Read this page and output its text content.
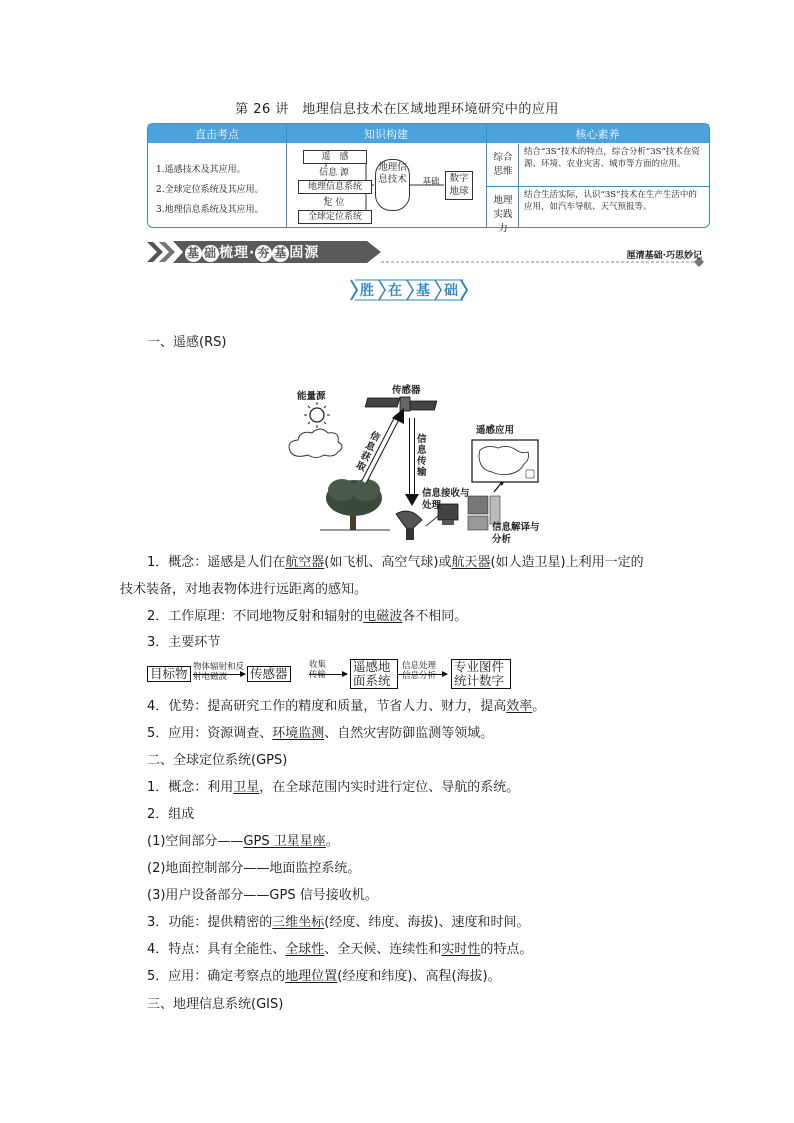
第 26 讲　地理信息技术在区域地理环境研究中的应用
直击考点	知识构建	核心素养
1.遥感技术及其应用。
2.全球定位系统及其应用。
3.地理信息系统及其应用。
遥　感
信息 源
地理信息系统
定 位
全球定位系统
地理信息技术	基础	数字地球
综合思维
结合“3S”技术的特点，综合分析“3S”技术在资源、环境、农业灾害、城市等方面的应用。
地理实践力
结合生活实际，认识“3S”技术在生产生活中的应用，如汽车导航、天气预报等。
基 础 梳理· 夯 基 固源	厘清基础·巧思妙记
胜 在 基 础
一、遥感(RS)
能量源
传感器
信息获取
信息传输
遥感应用
信息接收与处理
信息解译与分析
1．概念：遥感是人们在航空器(如飞机、高空气球)或航天器(如人造卫星)上利用一定的
技术装备，对地表物体进行远距离的感知。
2．工作原理：不同地物反射和辐射的电磁波各不相同。
3．主要环节
目标物 物体辐射和反射电磁波	传感器
收集传输
遥感地面系统
信息处理信息分析
专业图件统计数字
4．优势：提高研究工作的精度和质量，节省人力、财力，提高效率。
5．应用：资源调查、环境监测、自然灾害防御监测等领域。
二、全球定位系统(GPS)
1．概念：利用卫星，在全球范围内实时进行定位、导航的系统。
2．组成
(1)空间部分——GPS 卫星星座。
(2)地面控制部分——地面监控系统。
(3)用户设备部分——GPS 信号接收机。
3．功能：提供精密的三维坐标(经度、纬度、海拔)、速度和时间。
4．特点：具有全能性、全球性、全天候、连续性和实时性的特点。
5．应用：确定考察点的地理位置(经度和纬度)、高程(海拔)。
三、地理信息系统(GIS)
